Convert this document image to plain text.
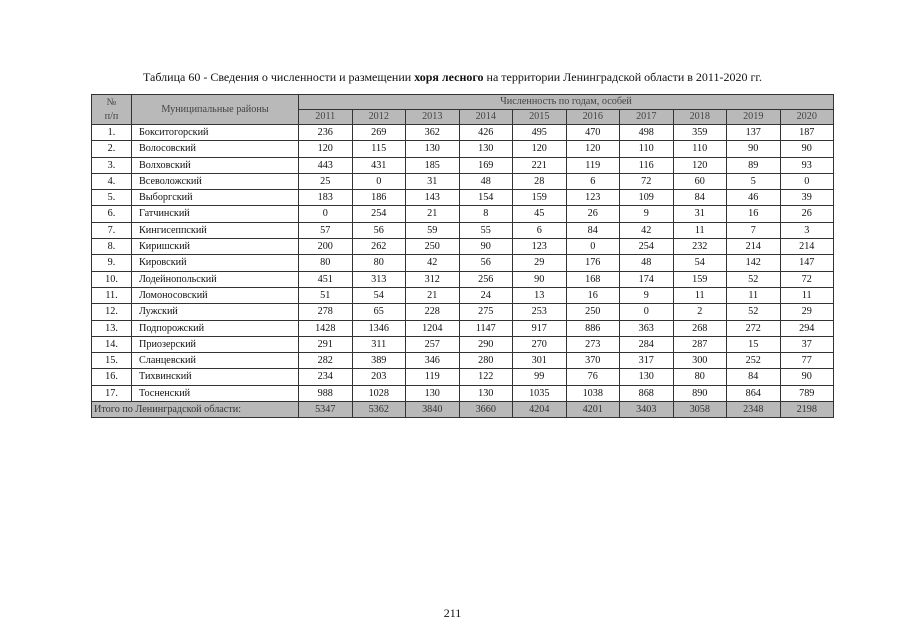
Таблица 60 - Сведения о численности и размещении хоря лесного на территории Ленинградской области в 2011-2020 гг.
№
п/п	Муниципальные районы	Численность по годам, особей									
		2011	2012	2013	2014	2015	2016	2017	2018	2019	2020
1.	Бокситогорский	236	269	362	426	495	470	498	359	137	187
2.	Волосовский	120	115	130	130	120	120	110	110	90	90
3.	Волховский	443	431	185	169	221	119	116	120	89	93
4.	Всеволожский	25	0	31	48	28	6	72	60	5	0
5.	Выборгский	183	186	143	154	159	123	109	84	46	39
6.	Гатчинский	0	254	21	8	45	26	9	31	16	26
7.	Кингисеппский	57	56	59	55	6	84	42	11	7	3
8.	Киришский	200	262	250	90	123	0	254	232	214	214
9.	Кировский	80	80	42	56	29	176	48	54	142	147
10.	Лодейнопольский	451	313	312	256	90	168	174	159	52	72
11.	Ломоносовский	51	54	21	24	13	16	9	11	11	11
12.	Лужский	278	65	228	275	253	250	0	2	52	29
13.	Подпорожский	1428	1346	1204	1147	917	886	363	268	272	294
14.	Приозерский	291	311	257	290	270	273	284	287	15	37
15.	Сланцевский	282	389	346	280	301	370	317	300	252	77
16.	Тихвинский	234	203	119	122	99	76	130	80	84	90
17.	Тосненский	988	1028	130	130	1035	1038	868	890	864	789
Итого по Ленинградской области:		5347	5362	3840	3660	4204	4201	3403	3058	2348	2198
211
